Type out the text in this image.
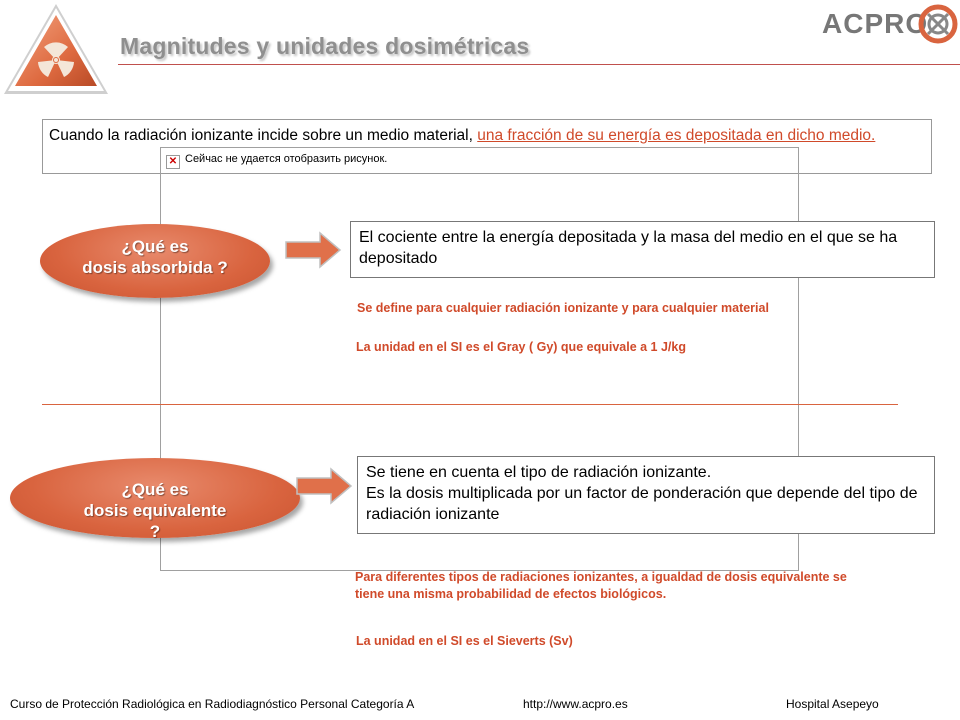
Magnitudes y unidades dosimétricas
ACPRO
Cuando la radiación ionizante incide sobre un medio material, una fracción de su energía es depositada en dicho medio.
✕ Сейчас не удается отобразить рисунок.
¿Qué es
dosis absorbida ?
El cociente entre la energía depositada y la masa del medio en el que se ha depositado
Se define para cualquier radiación ionizante y para cualquier material
La unidad en el SI es el Gray ( Gy) que equivale a 1 J/kg
¿Qué es
dosis equivalente
?
Se tiene en cuenta el tipo de radiación ionizante.
Es la dosis multiplicada por un factor de ponderación que depende del tipo de radiación ionizante
Para diferentes tipos de radiaciones ionizantes, a igualdad de dosis equivalente se tiene una misma probabilidad de efectos biológicos.
La unidad en el SI es el Sieverts (Sv)
Curso de Protección Radiológica en Radiodiagnóstico Personal Categoría A	http://www.acpro.es	Hospital Asepeyo
